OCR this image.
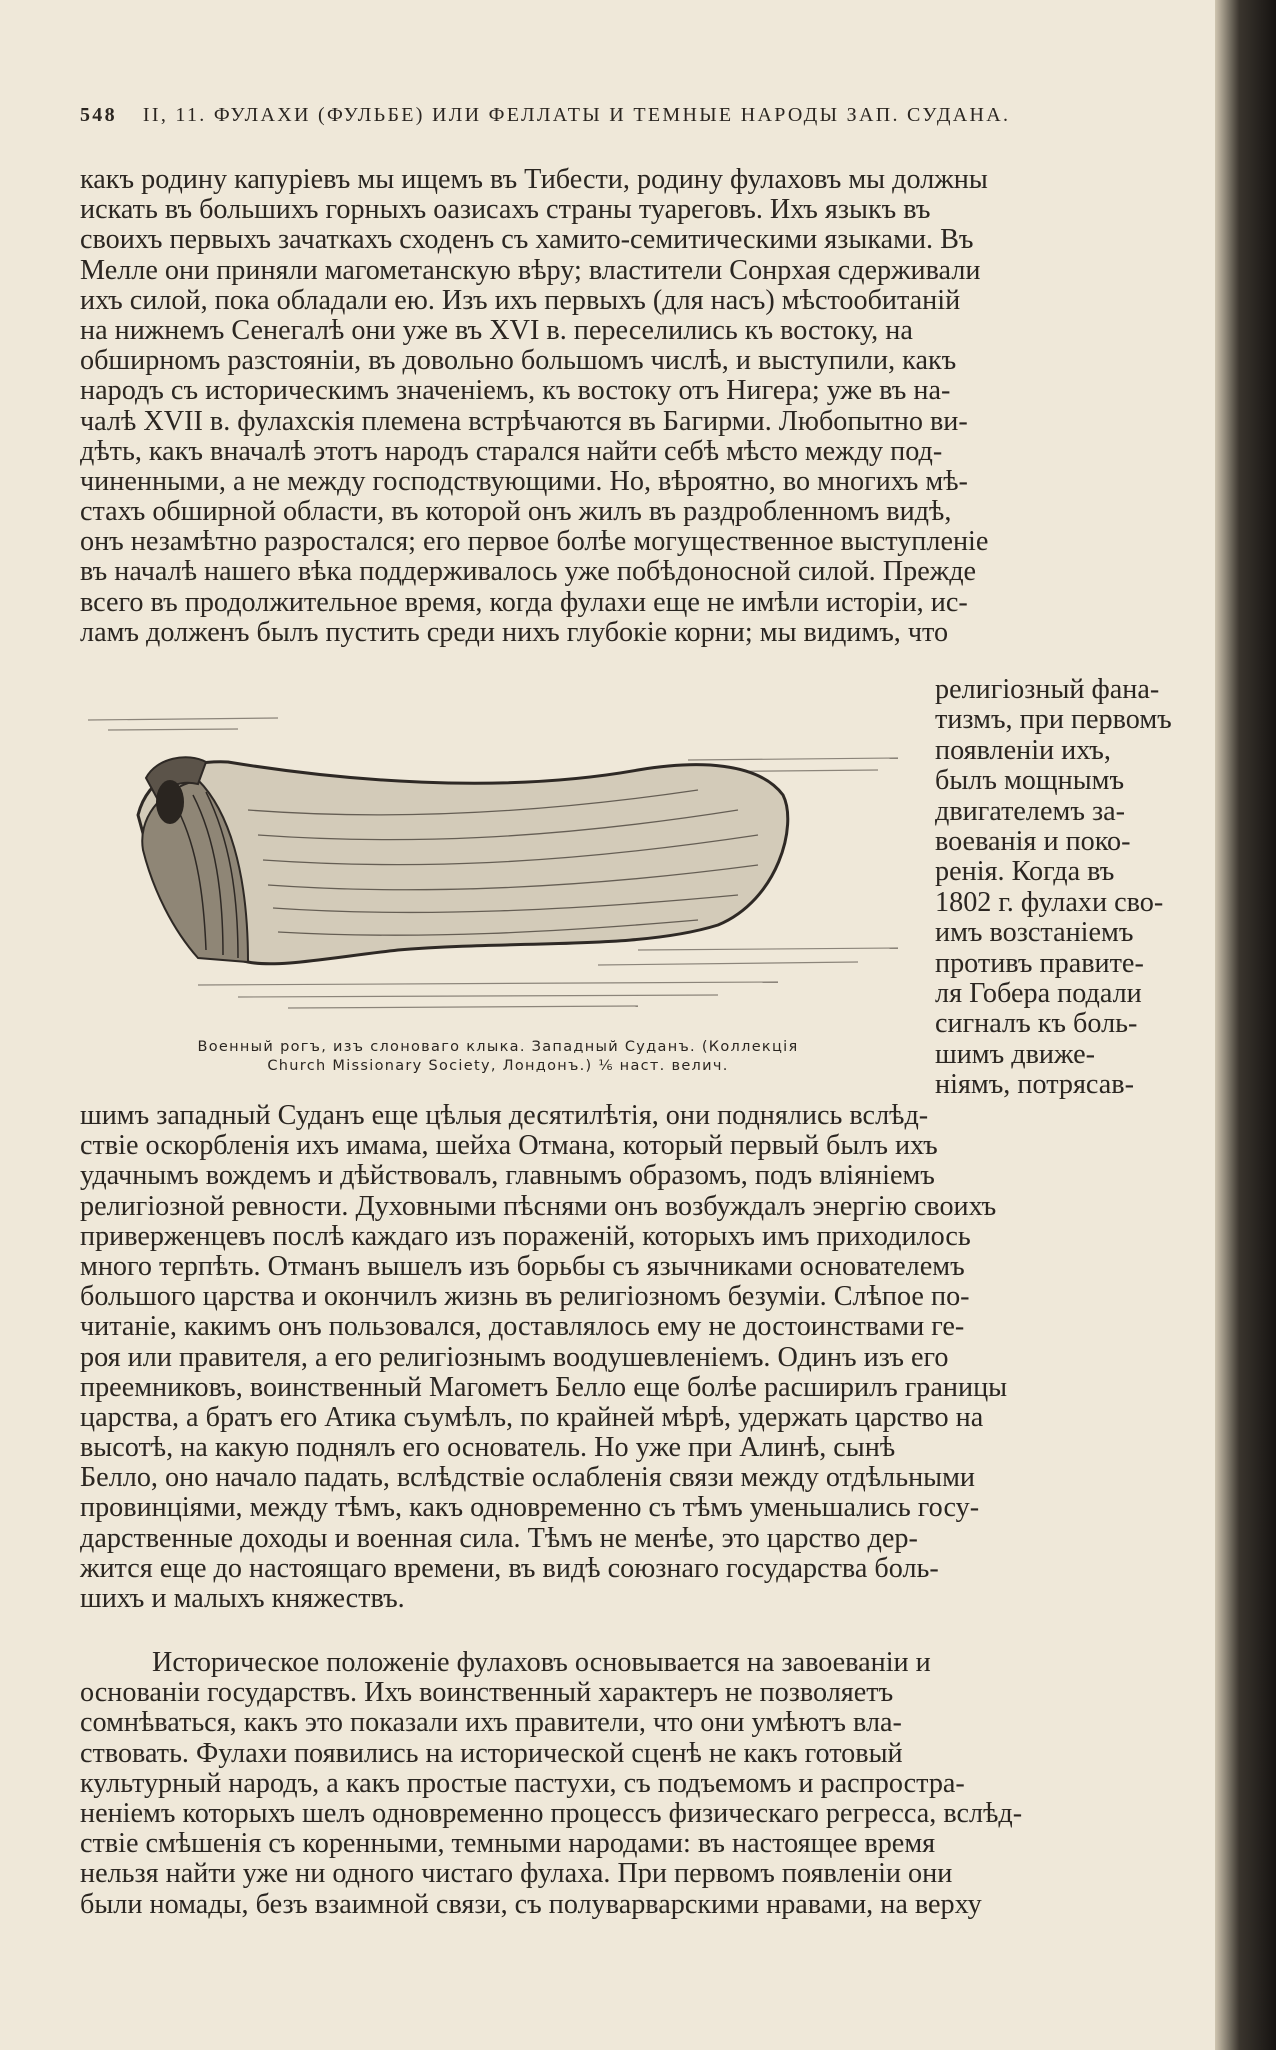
548 II, 11. ФУЛАХИ (ФУЛЬБЕ) ИЛИ ФЕЛЛАТЫ И ТЕМНЫЕ НАРОДЫ ЗАП. СУДАНА.
какъ родину капуріевъ мы ищемъ въ Тибести, родину фулаховъ мы должны
искать въ большихъ горныхъ оазисахъ страны туареговъ. Ихъ языкъ въ
своихъ первыхъ зачаткахъ сходенъ съ хамито-семитическими языками. Въ
Мелле они приняли магометанскую вѣру; властители Сонрхая сдерживали
ихъ силой, пока обладали ею. Изъ ихъ первыхъ (для насъ) мѣстообитаній
на нижнемъ Сенегалѣ они уже въ XVI в. переселились къ востоку, на
обширномъ разстояніи, въ довольно большомъ числѣ, и выступили, какъ
народъ съ историческимъ значеніемъ, къ востоку отъ Нигера; уже въ на-
чалѣ XVII в. фулахскія племена встрѣчаются въ Багирми. Любопытно ви-
дѣть, какъ вначалѣ этотъ народъ старался найти себѣ мѣсто между под-
чиненными, а не между господствующими. Но, вѣроятно, во многихъ мѣ-
стахъ обширной области, въ которой онъ жилъ въ раздробленномъ видѣ,
онъ незамѣтно разростался; его первое болѣе могущественное выступленіе
въ началѣ нашего вѣка поддерживалось уже побѣдоносной силой. Прежде
всего въ продолжительное время, когда фулахи еще не имѣли исторіи, ис-
ламъ долженъ былъ пустить среди нихъ глубокіе корни; мы видимъ, что
религіозный фана-
тизмъ, при первомъ
появленіи ихъ,
былъ мощнымъ
двигателемъ за-
воеванія и поко-
ренія. Когда въ
1802 г. фулахи сво-
имъ возстаніемъ
противъ правите-
ля Гобера подали
сигналъ къ боль-
шимъ движе-
ніямъ, потрясав-
Военный рогъ, изъ слоноваго клыка. Западный Суданъ. (Коллекція
Church Missionary Society, Лондонъ.) ⅙ наст. велич.
шимъ западный Суданъ еще цѣлыя десятилѣтія, они поднялись вслѣд-
ствіе оскорбленія ихъ имама, шейха Отмана, который первый былъ ихъ
удачнымъ вождемъ и дѣйствовалъ, главнымъ образомъ, подъ вліяніемъ
религіозной ревности. Духовными пѣснями онъ возбуждалъ энергію своихъ
приверженцевъ послѣ каждаго изъ пораженій, которыхъ имъ приходилось
много терпѣть. Отманъ вышелъ изъ борьбы съ язычниками основателемъ
большого царства и окончилъ жизнь въ религіозномъ безуміи. Слѣпое по-
читаніе, какимъ онъ пользовался, доставлялось ему не достоинствами ге-
роя или правителя, а его религіознымъ воодушевленіемъ. Одинъ изъ его
преемниковъ, воинственный Магометъ Белло еще болѣе расширилъ границы
царства, а братъ его Атика съумѣлъ, по крайней мѣрѣ, удержать царство на
высотѣ, на какую поднялъ его основатель. Но уже при Алинѣ, сынѣ
Белло, оно начало падать, вслѣдствіе ослабленія связи между отдѣльными
провинціями, между тѣмъ, какъ одновременно съ тѣмъ уменьшались госу-
дарственные доходы и военная сила. Тѣмъ не менѣе, это царство дер-
жится еще до настоящаго времени, въ видѣ союзнаго государства боль-
шихъ и малыхъ княжествъ.
Историческое положеніе фулаховъ основывается на завоеваніи и
основаніи государствъ. Ихъ воинственный характеръ не позволяетъ
сомнѣваться, какъ это показали ихъ правители, что они умѣютъ вла-
ствовать. Фулахи появились на исторической сценѣ не какъ готовый
культурный народъ, а какъ простые пастухи, съ подъемомъ и распростра-
неніемъ которыхъ шелъ одновременно процессъ физическаго регресса, вслѣд-
ствіе смѣшенія съ коренными, темными народами: въ настоящее время
нельзя найти уже ни одного чистаго фулаха. При первомъ появленіи они
были номады, безъ взаимной связи, съ полуварварскими нравами, на верху
